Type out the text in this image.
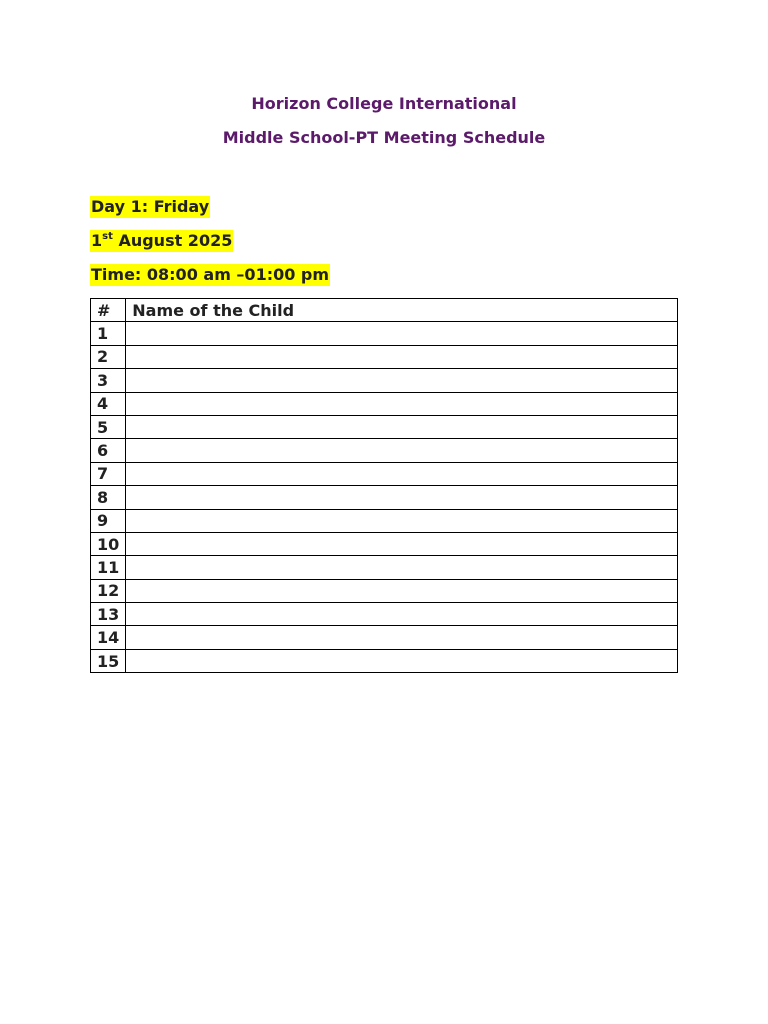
Horizon College International

Middle School-PT Meeting Schedule

Day 1: Friday

1st August 2025

Time: 08:00 am –01:00 pm

#	Name of the Child
1	
2	
3	
4	
5	
6	
7	
8	
9	
10	
11	
12	
13	
14	
15	
